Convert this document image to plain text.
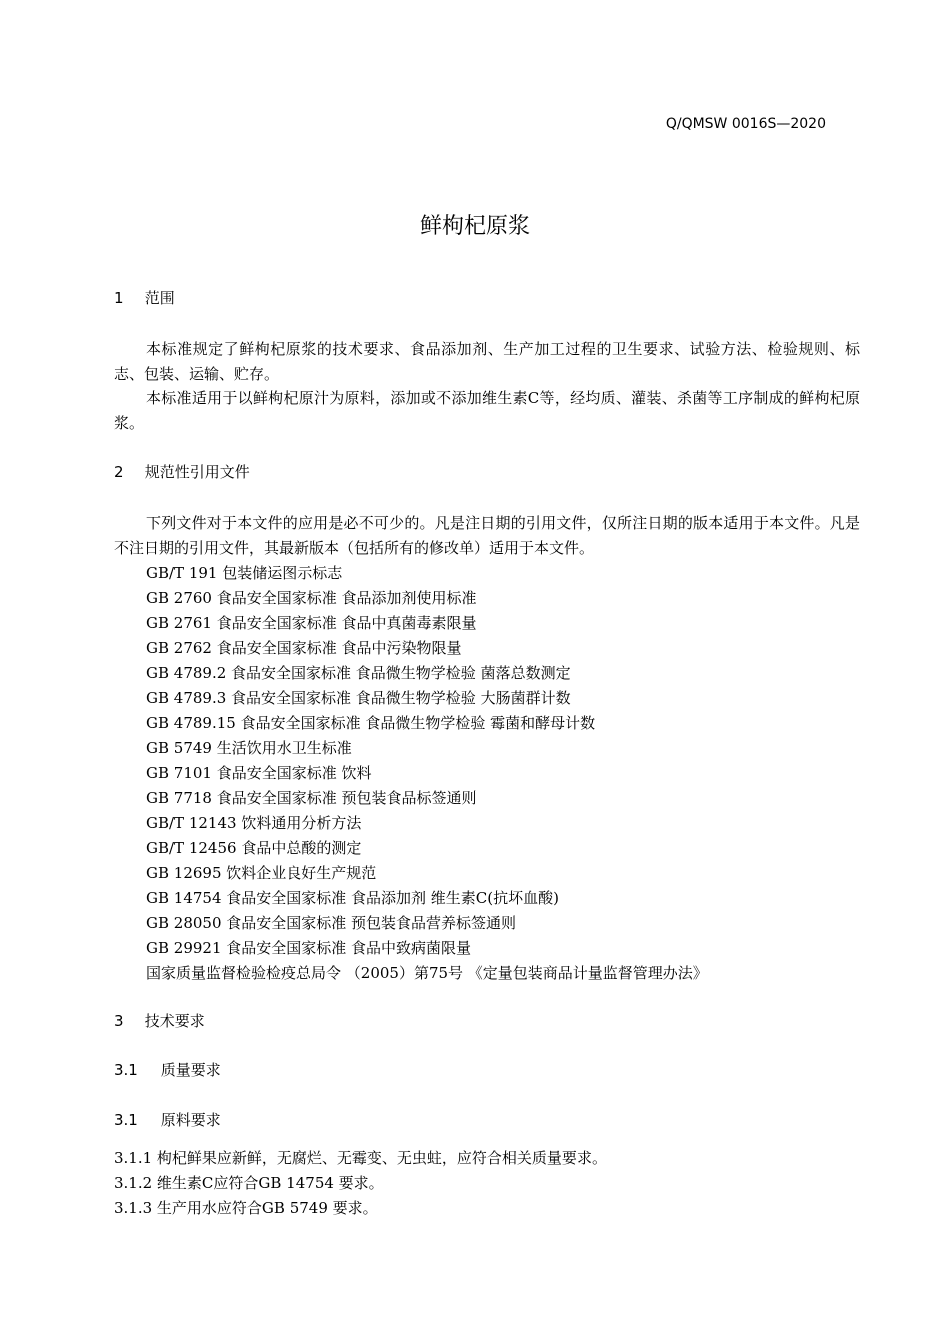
Q/QMSW 0016S—2020
鲜枸杞原浆
1 范围
本标准规定了鲜枸杞原浆的技术要求、食品添加剂、生产加工过程的卫生要求、试验方法、检验规则、标志、包装、运输、贮存。
本标准适用于以鲜枸杞原汁为原料，添加或不添加维生素C等，经均质、灌装、杀菌等工序制成的鲜枸杞原浆。
2 规范性引用文件
下列文件对于本文件的应用是必不可少的。凡是注日期的引用文件，仅所注日期的版本适用于本文件。凡是不注日期的引用文件，其最新版本（包括所有的修改单）适用于本文件。
GB/T 191 包装储运图示标志
GB 2760 食品安全国家标准 食品添加剂使用标准
GB 2761 食品安全国家标准 食品中真菌毒素限量
GB 2762 食品安全国家标准 食品中污染物限量
GB 4789.2 食品安全国家标准 食品微生物学检验 菌落总数测定
GB 4789.3 食品安全国家标准 食品微生物学检验 大肠菌群计数
GB 4789.15 食品安全国家标准 食品微生物学检验 霉菌和酵母计数
GB 5749 生活饮用水卫生标准
GB 7101 食品安全国家标准 饮料
GB 7718 食品安全国家标准 预包装食品标签通则
GB/T 12143 饮料通用分析方法
GB/T 12456 食品中总酸的测定
GB 12695 饮料企业良好生产规范
GB 14754 食品安全国家标准 食品添加剂 维生素C(抗坏血酸)
GB 28050 食品安全国家标准 预包装食品营养标签通则
GB 29921 食品安全国家标准 食品中致病菌限量
国家质量监督检验检疫总局令 （2005）第75号 《定量包装商品计量监督管理办法》
3 技术要求
3.1 质量要求
3.1 原料要求
3.1.1 枸杞鲜果应新鲜，无腐烂、无霉变、无虫蛀，应符合相关质量要求。
3.1.2 维生素C应符合GB 14754 要求。
3.1.3 生产用水应符合GB 5749 要求。
